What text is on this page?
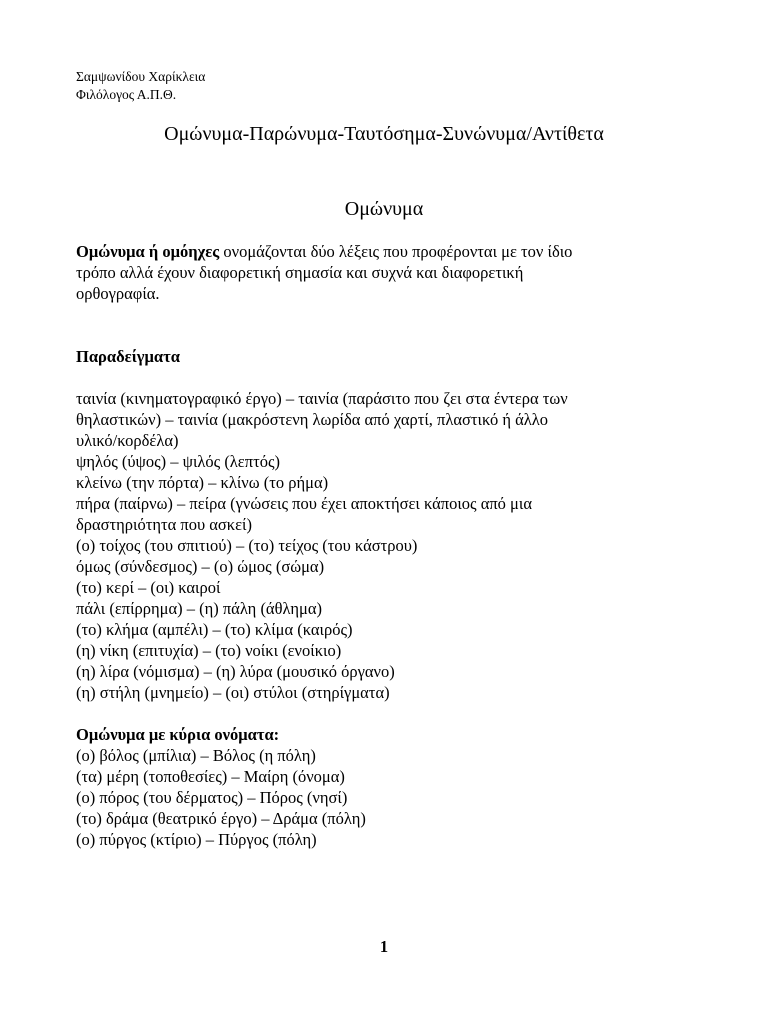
Σαμψωνίδου Χαρίκλεια
Φιλόλογος Α.Π.Θ.
Ομώνυμα-Παρώνυμα-Ταυτόσημα-Συνώνυμα/Αντίθετα
Ομώνυμα
Ομώνυμα ή ομόηχες ονομάζονται δύο λέξεις που προφέρονται με τον ίδιο
τρόπο αλλά έχουν διαφορετική σημασία και συχνά και διαφορετική
ορθογραφία.
Παραδείγματα
ταινία (κινηματογραφικό έργο) – ταινία (παράσιτο που ζει στα έντερα των
θηλαστικών) – ταινία (μακρόστενη λωρίδα από χαρτί, πλαστικό ή άλλο
υλικό/κορδέλα)
ψηλός (ύψος) – ψιλός (λεπτός)
κλείνω (την πόρτα) – κλίνω (το ρήμα)
πήρα (παίρνω) – πείρα (γνώσεις που έχει αποκτήσει κάποιος από μια
δραστηριότητα που ασκεί)
(ο) τοίχος (του σπιτιού) – (το) τείχος (του κάστρου)
όμως (σύνδεσμος) – (ο) ώμος (σώμα)
(το) κερί – (οι) καιροί
πάλι (επίρρημα) – (η) πάλη (άθλημα)
(το) κλήμα (αμπέλι) – (το) κλίμα (καιρός)
(η) νίκη (επιτυχία) – (το) νοίκι (ενοίκιο)
(η) λίρα (νόμισμα) – (η) λύρα (μουσικό όργανο)
(η) στήλη (μνημείο) – (οι) στύλοι (στηρίγματα)
Ομώνυμα με κύρια ονόματα:
(ο) βόλος (μπίλια) – Βόλος (η πόλη)
(τα) μέρη (τοποθεσίες) – Μαίρη (όνομα)
(ο) πόρος (του δέρματος) – Πόρος (νησί)
(το) δράμα (θεατρικό έργο) – Δράμα (πόλη)
(ο) πύργος (κτίριο) – Πύργος (πόλη)
1
